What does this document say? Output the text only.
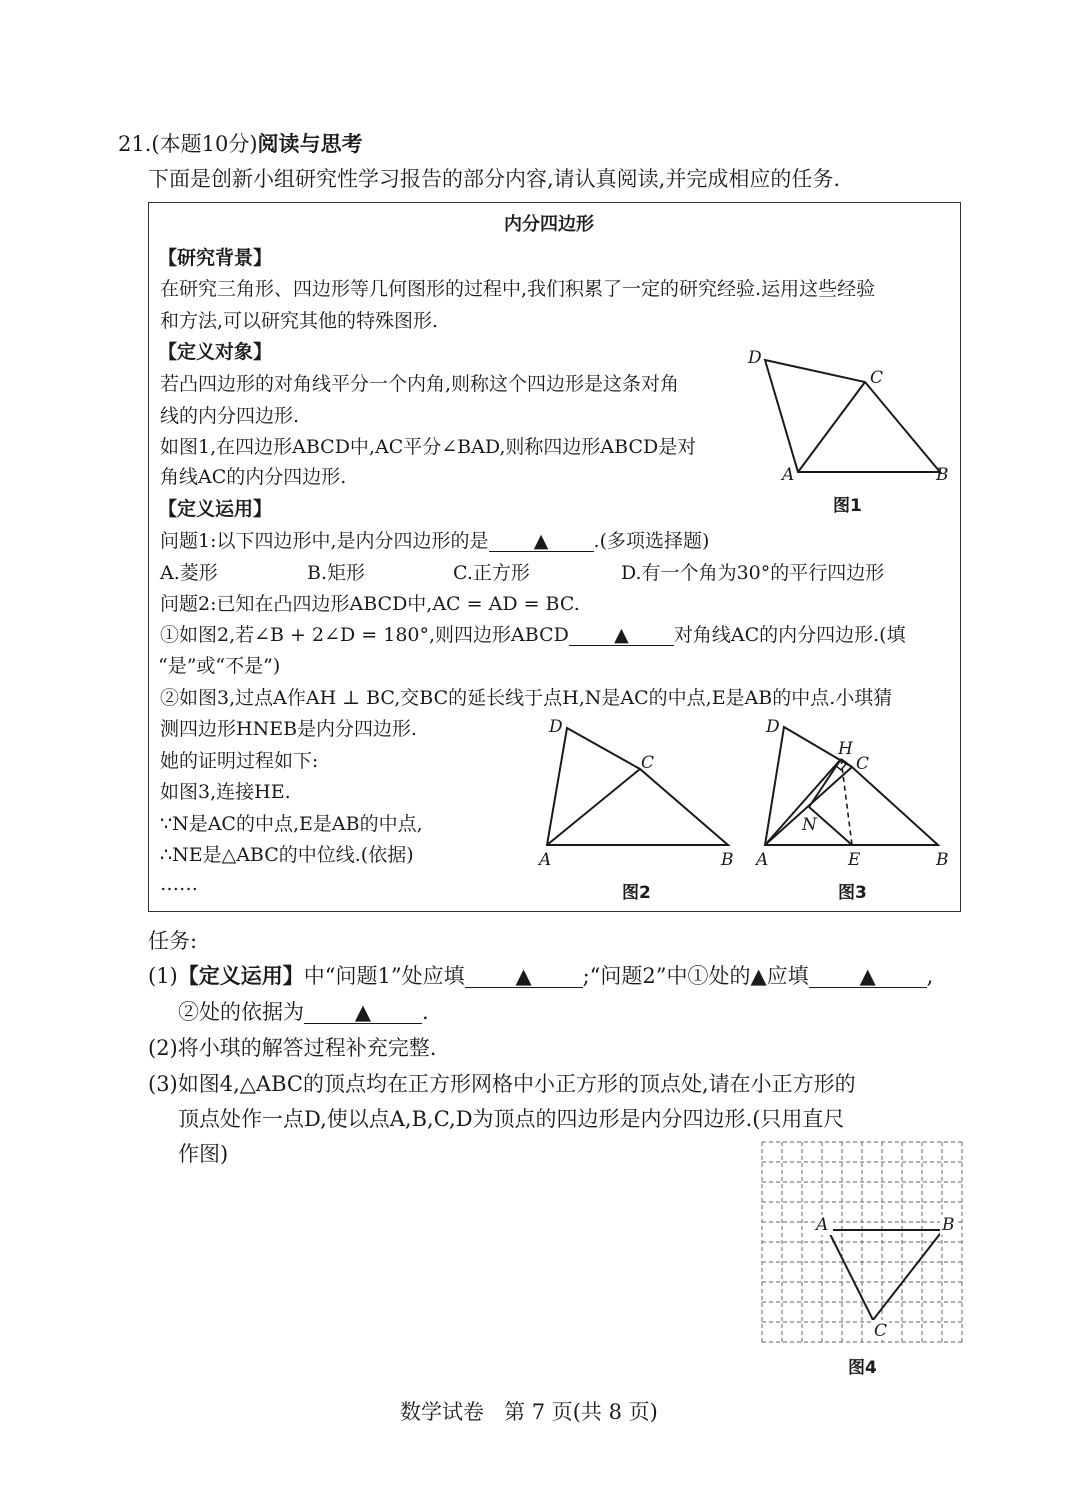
21.(本题10分)阅读与思考
下面是创新小组研究性学习报告的部分内容,请认真阅读,并完成相应的任务.
内分四边形
【研究背景】
在研究三角形、四边形等几何图形的过程中,我们积累了一定的研究经验.运用这些经验
和方法,可以研究其他的特殊图形.
【定义对象】
若凸四边形的对角线平分一个内角,则称这个四边形是这条对角
线的内分四边形.
如图1,在四边形ABCD中,AC平分∠BAD,则称四边形ABCD是对
角线AC的内分四边形.
D
C
A	B
图1
【定义运用】
问题1:以下四边形中,是内分四边形的是 ▲ .(多项选择题)
A.菱形	B.矩形	C.正方形	D.有一个角为30°的平行四边形
问题2:已知在凸四边形ABCD中,AC = AD = BC.
①如图2,若∠B + 2∠D = 180°,则四边形ABCD ▲ 对角线AC的内分四边形.(填
“是”或“不是”)
②如图3,过点A作AH ⊥ BC,交BC的延长线于点H,N是AC的中点,E是AB的中点.小琪猜
测四边形HNEB是内分四边形.
她的证明过程如下:
如图3,连接HE.
∵N是AC的中点,E是AB的中点,
∴NE是△ABC的中位线.(依据)
……
D
C
A	B
图2
D
H
C
N
A	E	B
图3
任务:
(1)【定义运用】中“问题1”处应填 ▲ ;“问题2”中①处的▲应填 ▲ ,
②处的依据为 ▲ .
(2)将小琪的解答过程补充完整.
(3)如图4,△ABC的顶点均在正方形网格中小正方形的顶点处,请在小正方形的
顶点处作一点D,使以点A,B,C,D为顶点的四边形是内分四边形.(只用直尺
作图)
A	B
C
图4
数学试卷   第 7 页(共 8 页)
